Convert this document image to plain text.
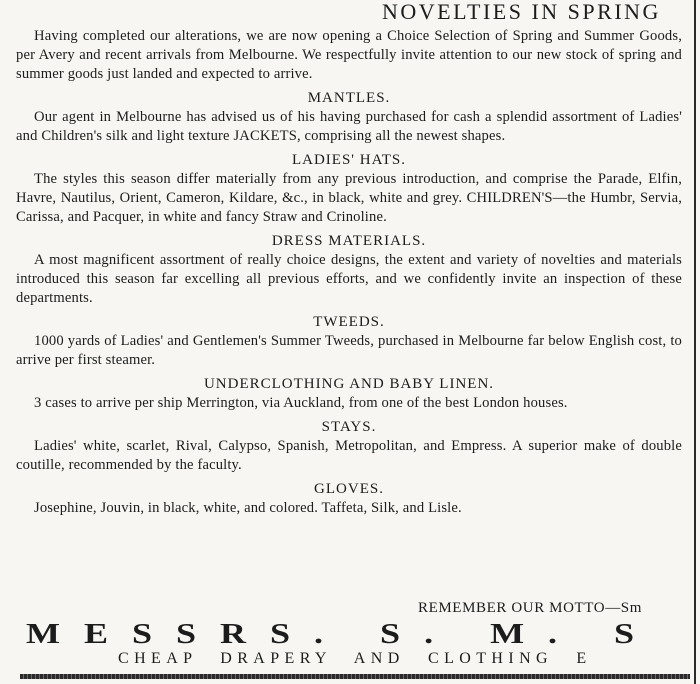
NOVELTIES IN SPRING

Having completed our alterations, we are now opening a Choice Selection of Spring and Summer Goods, per Avery and recent arrivals from Melbourne. We respectfully invite attention to our new stock of spring and summer goods just landed and expected to arrive.

MANTLES.

Our agent in Melbourne has advised us of his having purchased for cash a splendid assortment of Ladies' and Children's silk and light texture JACKETS, comprising all the newest shapes.

LADIES' HATS.

The styles this season differ materially from any previous introduction, and comprise the Parade, Elfin, Havre, Nautilus, Orient, Cameron, Kildare, &c., in black, white and grey. CHILDREN'S—the Humbr, Servia, Carissa, and Pacquer, in white and fancy Straw and Crinoline.

DRESS MATERIALS.

A most magnificent assortment of really choice designs, the extent and variety of novelties and materials introduced this season far excelling all previous efforts, and we confidently invite an inspection of these departments.

TWEEDS.

1000 yards of Ladies' and Gentlemen's Summer Tweeds, purchased in Melbourne far below English cost, to arrive per first steamer.

UNDERCLOTHING AND BABY LINEN.

3 cases to arrive per ship Merrington, via Auckland, from one of the best London houses.

STAYS.

Ladies' white, scarlet, Rival, Calypso, Spanish, Metropolitan, and Empress. A superior make of double coutille, recommended by the faculty.

GLOVES.

Josephine, Jouvin, in black, white, and colored. Taffeta, Silk, and Lisle.

REMEMBER OUR MOTTO—Sm
MESSRS. S. M. S
CHEAP DRAPERY AND CLOTHING E
